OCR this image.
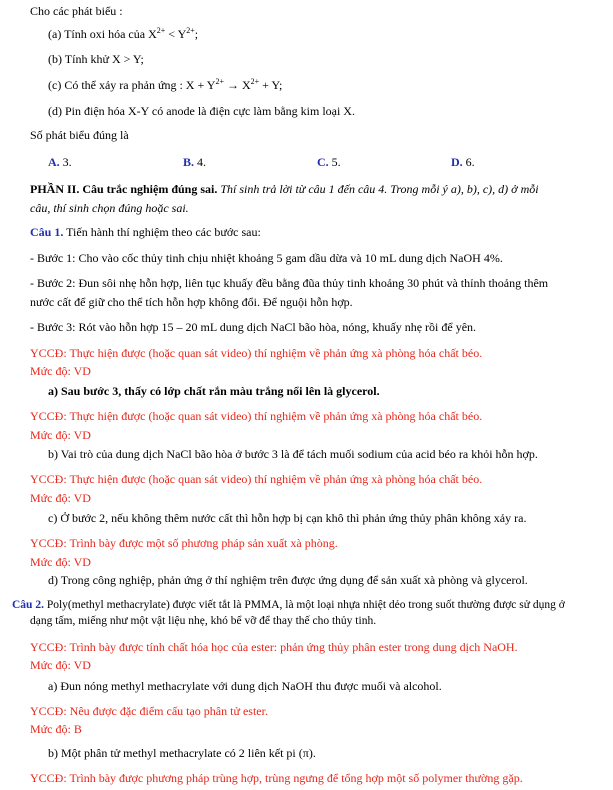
Cho các phát biểu :
(a) Tính oxi hóa của $X^{2+} < Y^{2+}$;
(b) Tính khử X > Y;
(c) Có thể xảy ra phản ứng : $X + Y^{2+} \to X^{2+} + Y$;
(d) Pin điện hóa X-Y có anode là điện cực làm bằng kim loại X.
Số phát biểu đúng là
A. 3.	B. 4.	C. 5.	D. 6.
PHẦN II. Câu trắc nghiệm đúng sai. Thí sinh trả lời từ câu 1 đến câu 4. Trong mỗi ý a), b), c), d) ở mỗi
câu, thí sinh chọn đúng hoặc sai.
Câu 1. Tiến hành thí nghiệm theo các bước sau:
- Bước 1: Cho vào cốc thủy tinh chịu nhiệt khoảng 5 gam dầu dừa và 10 mL dung dịch NaOH 4%.
- Bước 2: Đun sôi nhẹ hỗn hợp, liên tục khuấy đều bằng đũa thủy tinh khoảng 30 phút và thỉnh thoảng thêm
nước cất để giữ cho thể tích hỗn hợp không đổi. Để nguội hỗn hợp.
- Bước 3: Rót vào hỗn hợp 15 – 20 mL dung dịch NaCl bão hòa, nóng, khuấy nhẹ rồi để yên.
YCCĐ: Thực hiện được (hoặc quan sát video) thí nghiệm về phản ứng xà phòng hóa chất béo.
Mức độ: VD
a) Sau bước 3, thấy có lớp chất rắn màu trắng nổi lên là glycerol.
YCCĐ: Thực hiện được (hoặc quan sát video) thí nghiệm về phản ứng xà phòng hóa chất béo.
Mức độ: VD
b) Vai trò của dung dịch NaCl bão hòa ở bước 3 là để tách muối sodium của acid béo ra khỏi hỗn hợp.
YCCĐ: Thực hiện được (hoặc quan sát video) thí nghiệm về phản ứng xà phòng hóa chất béo.
Mức độ: VD
c) Ở bước 2, nếu không thêm nước cất thì hỗn hợp bị cạn khô thì phản ứng thủy phân không xảy ra.
YCCĐ: Trình bày được một số phương pháp sản xuất xà phòng.
Mức độ: VD
d) Trong công nghiệp, phản ứng ở thí nghiệm trên được ứng dụng để sản xuất xà phòng và glycerol.
Câu 2. Poly(methyl methacrylate) được viết tắt là PMMA, là một loại nhựa nhiệt dẻo trong suốt thường được sử dụng ở
dạng tấm, miếng như một vật liệu nhẹ, khó bể vỡ để thay thế cho thủy tinh.
YCCĐ: Trình bày được tính chất hóa học của ester: phản ứng thủy phân ester trong dung dịch NaOH.
Mức độ: VD
a) Đun nóng methyl methacrylate với dung dịch NaOH thu được muối và alcohol.
YCCĐ: Nêu được đặc điểm cấu tạo phân tử ester.
Mức độ: B
b) Một phân tử methyl methacrylate có 2 liên kết pi (π).
YCCĐ: Trình bày được phương pháp trùng hợp, trùng ngưng để tổng hợp một số polymer thường gặp.
